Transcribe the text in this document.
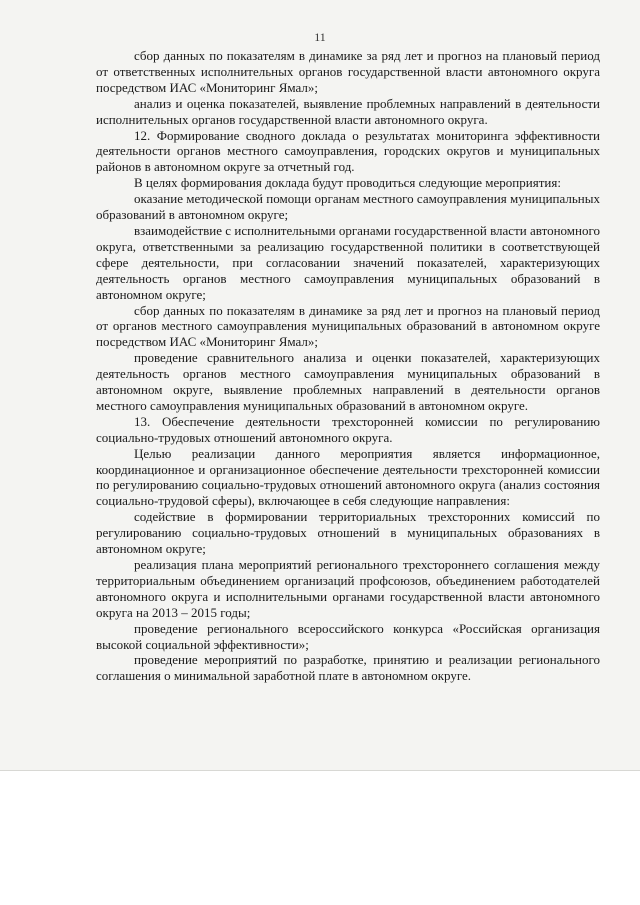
11

сбор данных по показателям в динамике за ряд лет и прогноз на плановый период от ответственных исполнительных органов государственной власти автономного округа посредством ИАС «Мониторинг Ямал»;

анализ и оценка показателей, выявление проблемных направлений в деятельности исполнительных органов государственной власти автономного округа.

12. Формирование сводного доклада о результатах мониторинга эффективности деятельности органов местного самоуправления, городских округов и муниципальных районов в автономном округе за отчетный год.

В целях формирования доклада будут проводиться следующие мероприятия:

оказание методической помощи органам местного самоуправления муниципальных образований в автономном округе;

взаимодействие с исполнительными органами государственной власти автономного округа, ответственными за реализацию государственной политики в соответствующей сфере деятельности, при согласовании значений показателей, характеризующих деятельность органов местного самоуправления муниципальных образований в автономном округе;

сбор данных по показателям в динамике за ряд лет и прогноз на плановый период от органов местного самоуправления муниципальных образований в автономном округе посредством ИАС «Мониторинг Ямал»;

проведение сравнительного анализа и оценки показателей, характеризующих деятельность органов местного самоуправления муниципальных образований в автономном округе, выявление проблемных направлений в деятельности органов местного самоуправления муниципальных образований в автономном округе.

13. Обеспечение деятельности трехсторонней комиссии по регулированию социально-трудовых отношений автономного округа.

Целью реализации данного мероприятия является информационное, координационное и организационное обеспечение деятельности трехсторонней комиссии по регулированию социально-трудовых отношений автономного округа (анализ состояния социально-трудовой сферы), включающее в себя следующие направления:

содействие в формировании территориальных трехсторонних комиссий по регулированию социально-трудовых отношений в муниципальных образованиях в автономном округе;

реализация плана мероприятий регионального трехстороннего соглашения между территориальным объединением организаций профсоюзов, объединением работодателей автономного округа и исполнительными органами государственной власти автономного округа на 2013 – 2015 годы;

проведение регионального всероссийского конкурса «Российская организация высокой социальной эффективности»;

проведение мероприятий по разработке, принятию и реализации регионального соглашения о минимальной заработной плате в автономном округе.
